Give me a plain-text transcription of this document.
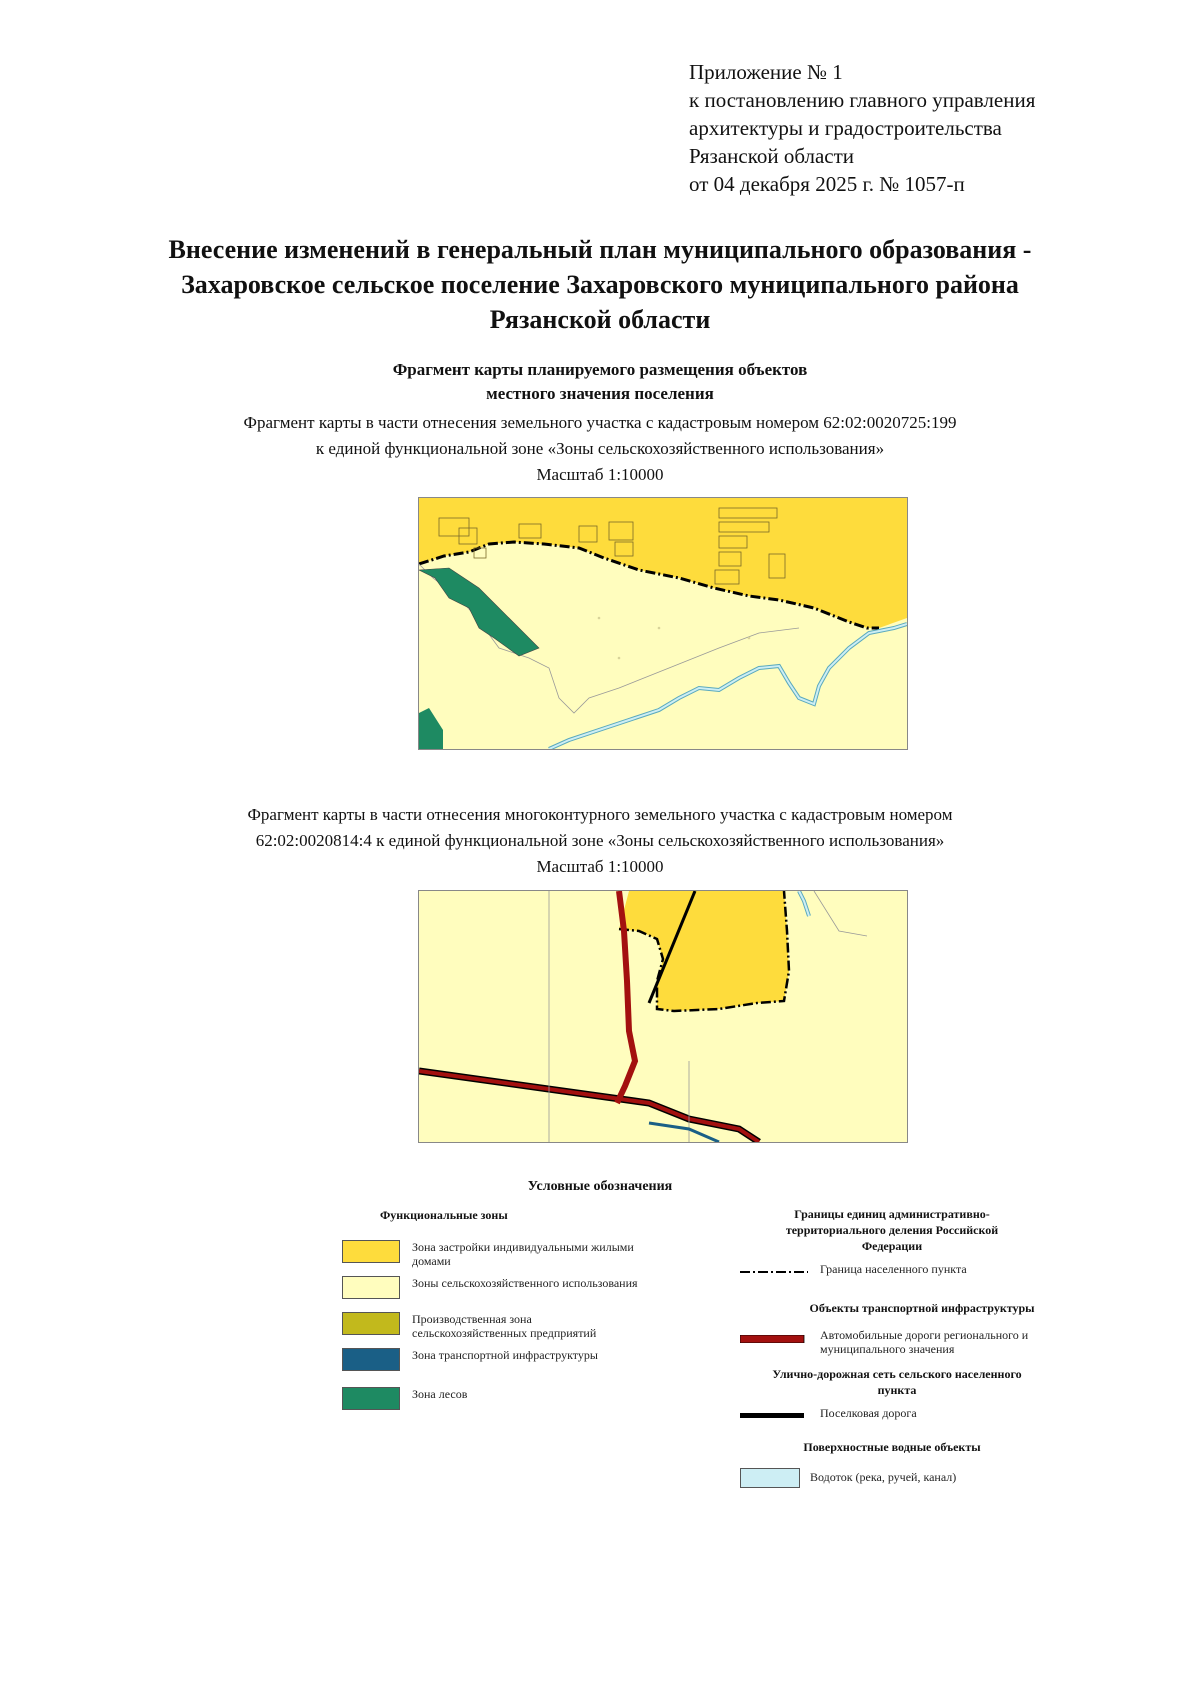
Приложение № 1
к постановлению главного управления
архитектуры и градостроительства
Рязанской области
от 04 декабря 2025 г. № 1057-п
Внесение изменений в генеральный план муниципального образования -
Захаровское сельское поселение Захаровского муниципального района
Рязанской области
Фрагмент карты планируемого размещения объектов
местного значения поселения
Фрагмент карты в части отнесения земельного участка с кадастровым номером 62:02:0020725:199
к единой функциональной зоне «Зоны сельскохозяйственного использования»
Масштаб 1:10000
Фрагмент карты в части отнесения многоконтурного земельного участка с кадастровым номером
62:02:0020814:4 к единой функциональной зоне «Зоны сельскохозяйственного использования»
Масштаб 1:10000
Условные обозначения
Функциональные зоны
Зона застройки индивидуальными жилыми домами
Зоны сельскохозяйственного использования
Производственная зона сельскохозяйственных предприятий
Зона транспортной инфраструктуры
Зона лесов
Границы единиц административно-территориального деления Российской Федерации
Граница населенного пункта
Объекты транспортной инфраструктуры
Автомобильные дороги регионального и муниципального значения
Улично-дорожная сеть сельского населенного пункта
Поселковая дорога
Поверхностные водные объекты
Водоток (река, ручей, канал)
